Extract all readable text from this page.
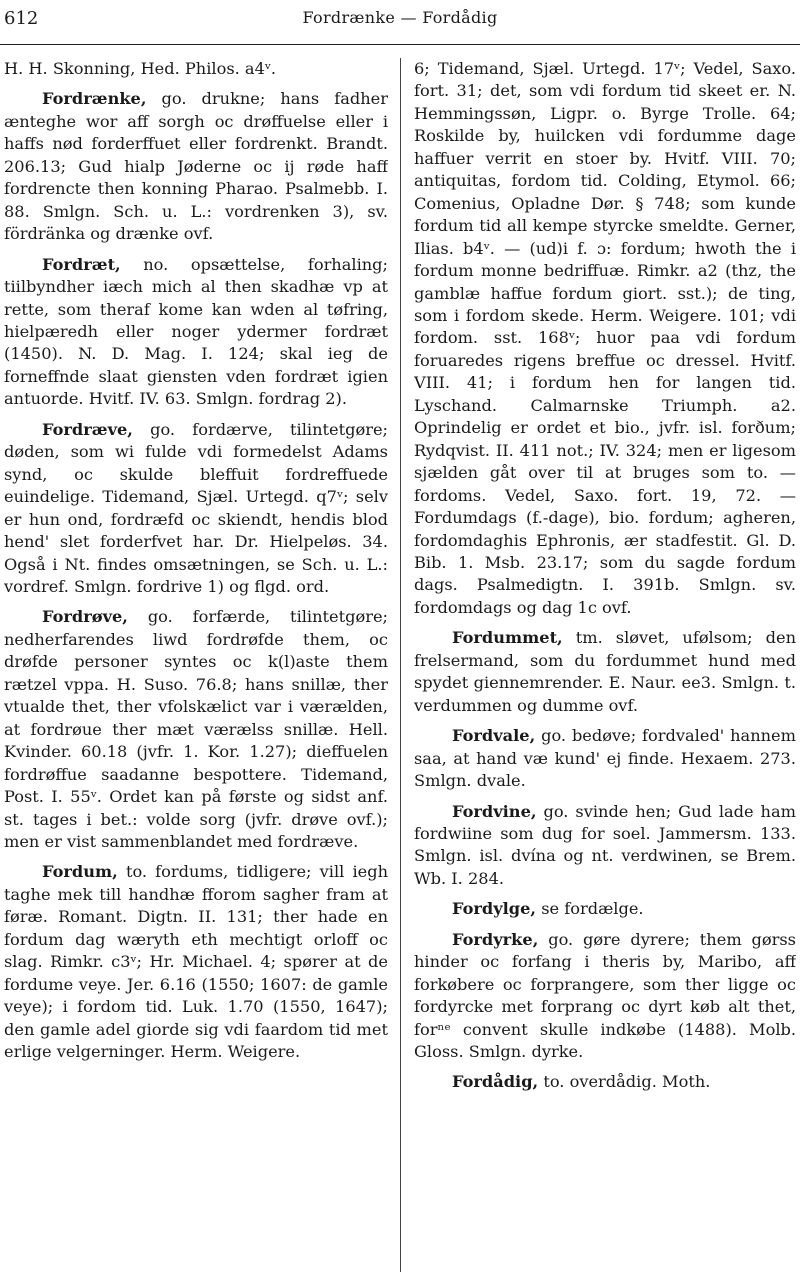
612	Fordrænke — Fordådig

H. H. Skonning, Hed. Philos. a4ᵛ.

Fordrænke, go. drukne; hans fadher ænteghe wor aff sorgh oc drøffuelse eller i haffs nød forderffuet eller fordrenkt. Brandt. 206.13; Gud hialp Jøderne oc ij røde haff fordrencte then konning Pharao. Psalmebb. I. 88. Smlgn. Sch. u. L.: vordrenken 3), sv. fördränka og drænke ovf.

Fordræt, no. opsættelse, forhaling; tiilbyndher iæch mich al then skadhæ vp at rette, som theraf kome kan wden al tøfring, hielpæredh eller noger ydermer fordræt (1450). N. D. Mag. I. 124; skal ieg de forneffnde slaat giensten vden fordræt igien antuorde. Hvitf. IV. 63. Smlgn. fordrag 2).

Fordræve, go. fordærve, tilintetgøre; døden, som wi fulde vdi formedelst Adams synd, oc skulde bleffuit fordreffuede euindelige. Tidemand, Sjæl. Urtegd. q7ᵛ; selv er hun ond, fordræfd oc skiendt, hendis blod hend' slet forderfvet har. Dr. Hielpeløs. 34. Også i Nt. findes omsætningen, se Sch. u. L.: vordref. Smlgn. fordrive 1) og flgd. ord.

Fordrøve, go. forfærde, tilintetgøre; nedherfarendes liwd fordrøfde them, oc drøfde personer syntes oc k(l)aste them rætzel vppa. H. Suso. 76.8; hans snillæ, ther vtualde thet, ther vfolskælict var i værælden, at fordrøue ther mæt værælss snillæ. Hell. Kvinder. 60.18 (jvfr. 1. Kor. 1.27); dieffuelen fordrøffue saadanne bespottere. Tidemand, Post. I. 55ᵛ. Ordet kan på første og sidst anf. st. tages i bet.: volde sorg (jvfr. drøve ovf.); men er vist sammenblandet med fordræve.

Fordum, to. fordums, tidligere; vill iegh taghe mek till handhæ fforom sagher fram at føræ. Romant. Digtn. II. 131; ther hade en fordum dag wæryth eth mechtigt orloff oc slag. Rimkr. c3ᵛ; Hr. Michael. 4; spører at de fordume veye. Jer. 6.16 (1550; 1607: de gamle veye); i fordom tid. Luk. 1.70 (1550, 1647); den gamle adel giorde sig vdi faardom tid met erlige velgerninger. Herm. Weigere.

6; Tidemand, Sjæl. Urtegd. 17ᵛ; Vedel, Saxo. fort. 31; det, som vdi fordum tid skeet er. N. Hemmingssøn, Ligpr. o. Byrge Trolle. 64; Roskilde by, huilcken vdi fordumme dage haffuer verrit en stoer by. Hvitf. VIII. 70; antiquitas, fordom tid. Colding, Etymol. 66; Comenius, Opladne Dør. § 748; som kunde fordum tid all kempe styrcke smeldte. Gerner, Ilias. b4ᵛ. — (ud)i f. ɔ: fordum; hwoth the i fordum monne bedriffuæ. Rimkr. a2 (thz, the gamblæ haffue fordum giort. sst.); de ting, som i fordom skede. Herm. Weigere. 101; vdi fordom. sst. 168ᵛ; huor paa vdi fordum foruaredes rigens breffue oc dressel. Hvitf. VIII. 41; i fordum hen for langen tid. Lyschand. Calmarnske Triumph. a2. Oprindelig er ordet et bio., jvfr. isl. forðum; Rydqvist. II. 411 not.; IV. 324; men er ligesom sjælden gåt over til at bruges som to. — fordoms. Vedel, Saxo. fort. 19, 72. — Fordumdags (f.-dage), bio. fordum; agheren, fordomdaghis Ephronis, ær stadfestit. Gl. D. Bib. 1. Msb. 23.17; som du sagde fordum dags. Psalmedigtn. I. 391b. Smlgn. sv. fordomdags og dag 1c ovf.

Fordummet, tm. sløvet, ufølsom; den frelsermand, som du fordummet hund med spydet giennemrender. E. Naur. ee3. Smlgn. t. verdummen og dumme ovf.

Fordvale, go. bedøve; fordvaled' hannem saa, at hand væ kund' ej finde. Hexaem. 273. Smlgn. dvale.

Fordvine, go. svinde hen; Gud lade ham fordwiine som dug for soel. Jammersm. 133. Smlgn. isl. dvína og nt. verdwinen, se Brem. Wb. I. 284.

Fordylge, se fordælge.

Fordyrke, go. gøre dyrere; them gørss hinder oc forfang i theris by, Maribo, aff forkøbere oc forprangere, som ther ligge oc fordyrcke met forprang oc dyrt køb alt thet, forⁿᵉ convent skulle indkøbe (1488). Molb. Gloss. Smlgn. dyrke.

Fordådig, to. overdådig. Moth.
